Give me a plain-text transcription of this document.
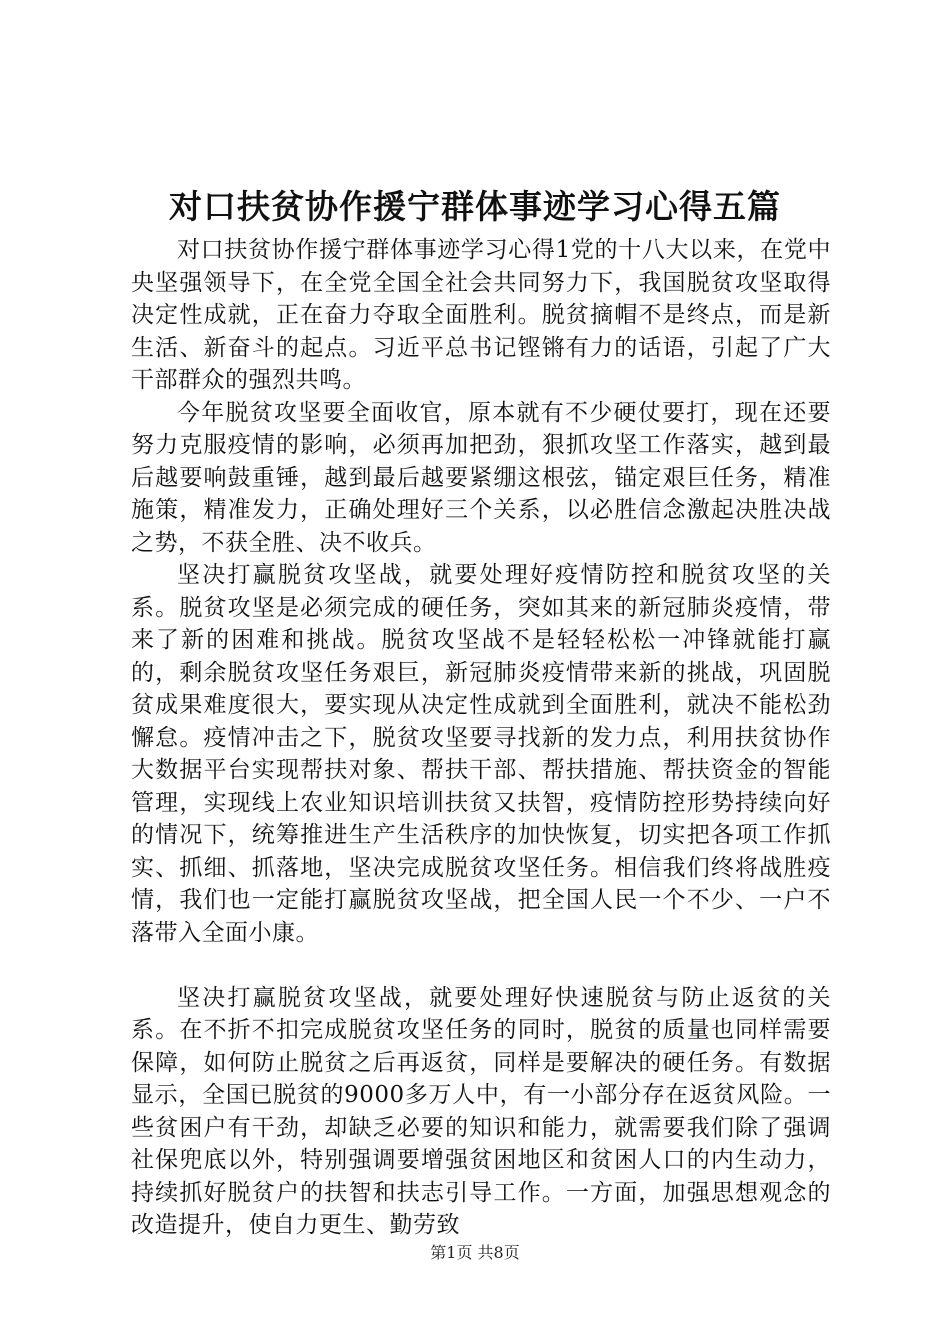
对口扶贫协作援宁群体事迹学习心得五篇

对口扶贫协作援宁群体事迹学习心得1党的十八大以来，在党中央坚强领导下，在全党全国全社会共同努力下，我国脱贫攻坚取得决定性成就，正在奋力夺取全面胜利。脱贫摘帽不是终点，而是新生活、新奋斗的起点。习近平总书记铿锵有力的话语，引起了广大干部群众的强烈共鸣。

今年脱贫攻坚要全面收官，原本就有不少硬仗要打，现在还要努力克服疫情的影响，必须再加把劲，狠抓攻坚工作落实，越到最后越要响鼓重锤，越到最后越要紧绷这根弦，锚定艰巨任务，精准施策，精准发力，正确处理好三个关系，以必胜信念激起决胜决战之势，不获全胜、决不收兵。

坚决打赢脱贫攻坚战，就要处理好疫情防控和脱贫攻坚的关系。脱贫攻坚是必须完成的硬任务，突如其来的新冠肺炎疫情，带来了新的困难和挑战。脱贫攻坚战不是轻轻松松一冲锋就能打赢的，剩余脱贫攻坚任务艰巨，新冠肺炎疫情带来新的挑战，巩固脱贫成果难度很大，要实现从决定性成就到全面胜利，就决不能松劲懈怠。疫情冲击之下，脱贫攻坚要寻找新的发力点，利用扶贫协作大数据平台实现帮扶对象、帮扶干部、帮扶措施、帮扶资金的智能管理，实现线上农业知识培训扶贫又扶智，疫情防控形势持续向好的情况下，统筹推进生产生活秩序的加快恢复，切实把各项工作抓实、抓细、抓落地，坚决完成脱贫攻坚任务。相信我们终将战胜疫情，我们也一定能打赢脱贫攻坚战，把全国人民一个不少、一户不落带入全面小康。

坚决打赢脱贫攻坚战，就要处理好快速脱贫与防止返贫的关系。在不折不扣完成脱贫攻坚任务的同时，脱贫的质量也同样需要保障，如何防止脱贫之后再返贫，同样是要解决的硬任务。有数据显示，全国已脱贫的9000多万人中，有一小部分存在返贫风险。一些贫困户有干劲，却缺乏必要的知识和能力，就需要我们除了强调社保兜底以外，特别强调要增强贫困地区和贫困人口的内生动力，持续抓好脱贫户的扶智和扶志引导工作。一方面，加强思想观念的改造提升，使自力更生、勤劳致

第1页 共8页
